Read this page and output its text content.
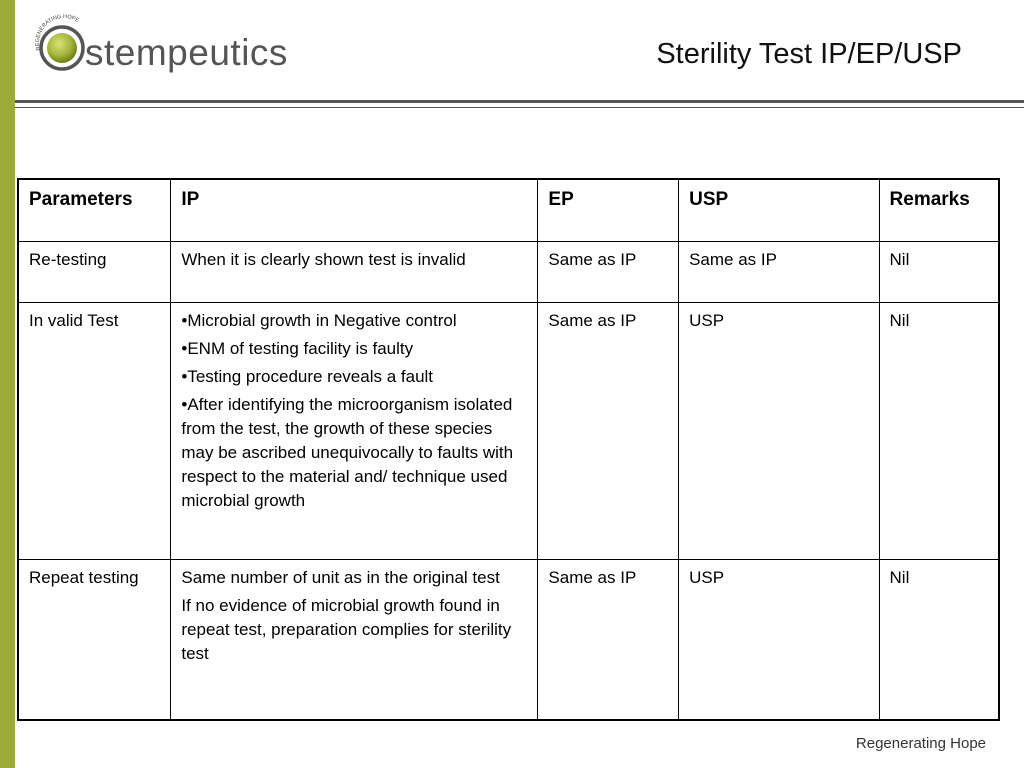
REGENERATING HOPE
stempeutics	Sterility Test IP/EP/USP
Parameters	IP	EP	USP	Remarks
Re-testing	When it is clearly shown test is invalid	Same as IP	Same as IP	Nil
In valid Test	•Microbial growth in Negative control

•ENM of testing facility is faulty

•Testing procedure reveals a fault

•After identifying the microorganism isolated from the test, the growth of these species may be ascribed unequivocally to faults with respect to the material and/ technique used microbial growth	Same as IP	USP	Nil
Repeat testing	Same number of unit as in the original test

If no evidence of microbial growth found in repeat test, preparation complies for sterility test	Same as IP	USP	Nil
Regenerating Hope
